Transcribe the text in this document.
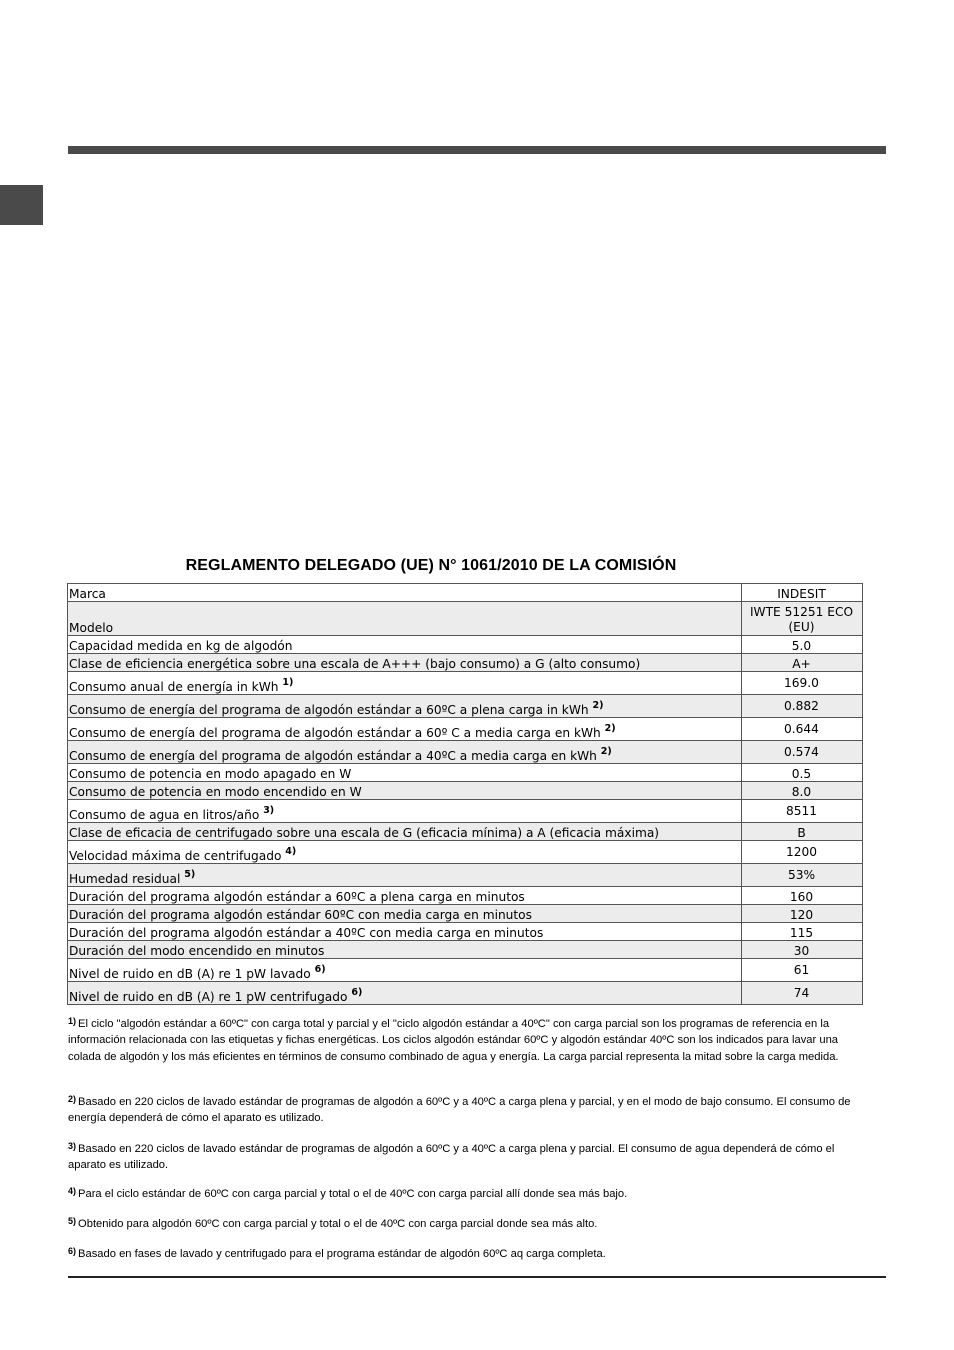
REGLAMENTO DELEGADO (UE) N° 1061/2010 DE LA COMISIÓN
Marca	INDESIT
Modelo	IWTE 51251 ECO (EU)
Capacidad medida en kg de algodón	5.0
Clase de eficiencia energética sobre una escala de A+++ (bajo consumo) a G (alto consumo)	A+
Consumo anual de energía in kWh $^{1)}$	169.0
Consumo de energía del programa de algodón estándar a 60ºC a plena carga in kWh $^{2)}$	0.882
Consumo de energía del programa de algodón estándar a 60º C a media carga en kWh $^{2)}$	0.644
Consumo de energía del programa de algodón estándar a 40ºC a media carga en kWh $^{2)}$	0.574
Consumo de potencia en modo apagado en W	0.5
Consumo de potencia en modo encendido en W	8.0
Consumo de agua en litros/año $^{3)}$	8511
Clase de eficacia de centrifugado sobre una escala de G (eficacia mínima) a A (eficacia máxima)	B
Velocidad máxima de centrifugado $^{4)}$	1200
Humedad residual $^{5)}$	53%
Duración del programa algodón estándar a 60ºC a plena carga en minutos	160
Duración del programa algodón estándar 60ºC con media carga en minutos	120
Duración del programa algodón estándar a 40ºC con media carga en minutos	115
Duración del modo encendido en minutos	30
Nivel de ruido en dB (A) re 1 pW lavado $^{6)}$	61
Nivel de ruido en dB (A) re 1 pW centrifugado $^{6)}$	74
$^{1)}$ El ciclo "algodón estándar a 60ºC" con carga total y parcial y el "ciclo algodón estándar a 40ºC" con carga parcial son los programas de referencia en la información relacionada con las etiquetas y fichas energéticas. Los ciclos algodón estándar 60ºC y algodón estándar 40ºC son los indicados para lavar una colada de algodón y los más eficientes en términos de consumo combinado de agua y energía. La carga parcial representa la mitad sobre la carga medida.
$^{2)}$ Basado en 220 ciclos de lavado estándar de programas de algodón a 60ºC y a 40ºC a carga plena y parcial, y en el modo de bajo consumo. El consumo de energía dependerá de cómo el aparato es utilizado.
$^{3)}$ Basado en 220 ciclos de lavado estándar de programas de algodón a 60ºC y a 40ºC a carga plena y parcial. El consumo de agua dependerá de cómo el aparato es utilizado.
$^{4)}$ Para el ciclo estándar de 60ºC con carga parcial y total o el de 40ºC con carga parcial allí donde sea más bajo.
$^{5)}$ Obtenido para algodón 60ºC con carga parcial y total o el de 40ºC con carga parcial donde sea más alto.
$^{6)}$ Basado en fases de lavado y centrifugado para el programa estándar de algodón 60ºC aq carga completa.
